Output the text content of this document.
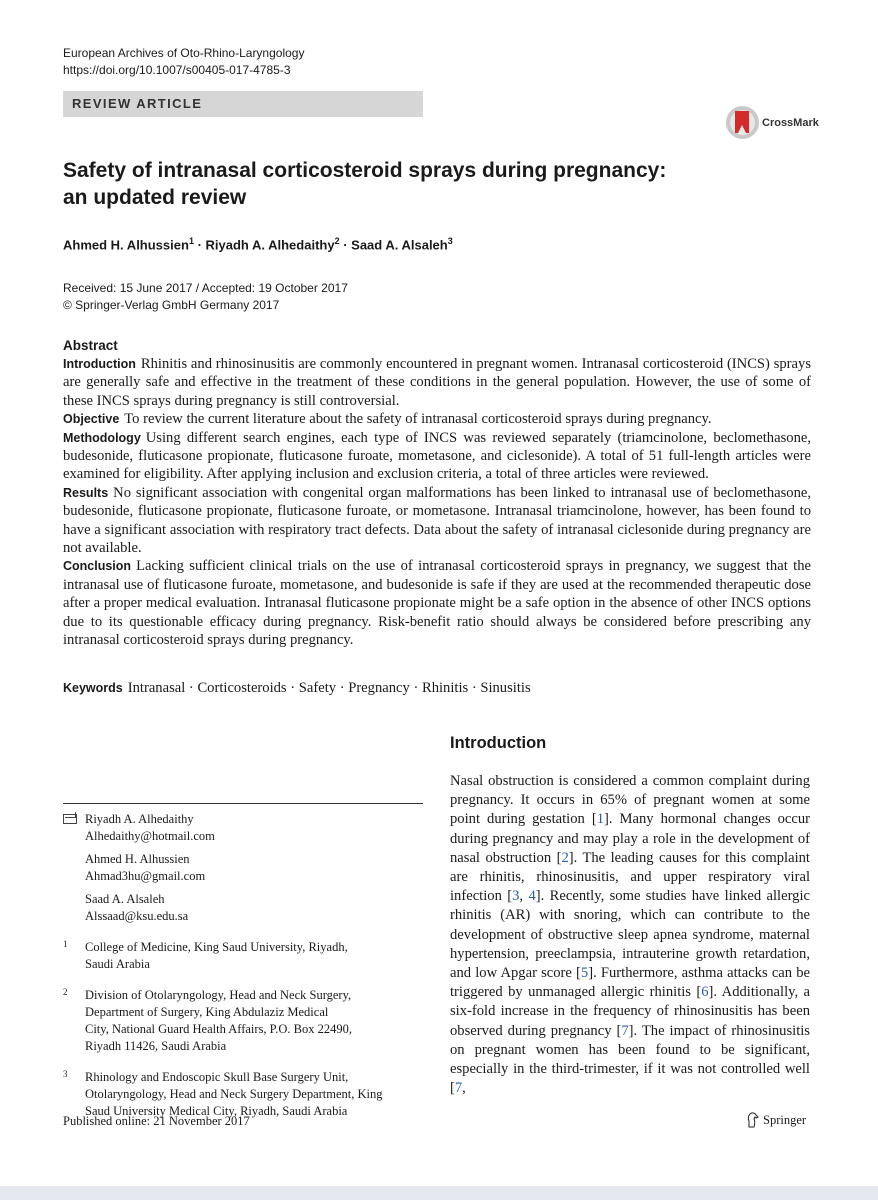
European Archives of Oto-Rhino-Laryngology
https://doi.org/10.1007/s00405-017-4785-3
REVIEW ARTICLE
CrossMark
Safety of intranasal corticosteroid sprays during pregnancy:
an updated review
Ahmed H. Alhussien$^1$ · Riyadh A. Alhedaithy$^2$ · Saad A. Alsaleh$^3$
Received: 15 June 2017 / Accepted: 19 October 2017
© Springer-Verlag GmbH Germany 2017
Abstract

Introduction Rhinitis and rhinosinusitis are commonly encountered in pregnant women. Intranasal corticosteroid (INCS) sprays are generally safe and effective in the treatment of these conditions in the general population. However, the use of some of these INCS sprays during pregnancy is still controversial.

Objective To review the current literature about the safety of intranasal corticosteroid sprays during pregnancy.

Methodology Using different search engines, each type of INCS was reviewed separately (triamcinolone, beclomethasone, budesonide, fluticasone propionate, fluticasone furoate, mometasone, and ciclesonide). A total of 51 full-length articles were examined for eligibility. After applying inclusion and exclusion criteria, a total of three articles were reviewed.

Results No significant association with congenital organ malformations has been linked to intranasal use of beclomethasone, budesonide, fluticasone propionate, fluticasone furoate, or mometasone. Intranasal triamcinolone, however, has been found to have a significant association with respiratory tract defects. Data about the safety of intranasal ciclesonide during pregnancy are not available.

Conclusion Lacking sufficient clinical trials on the use of intranasal corticosteroid sprays in pregnancy, we suggest that the intranasal use of fluticasone furoate, mometasone, and budesonide is safe if they are used at the recommended therapeutic dose after a proper medical evaluation. Intranasal fluticasone propionate might be a safe option in the absence of other INCS options due to its questionable efficacy during pregnancy. Risk-benefit ratio should always be considered before prescribing any intranasal corticosteroid sprays during pregnancy.

Keywords Intranasal · Corticosteroids · Safety · Pregnancy · Rhinitis · Sinusitis
Introduction
Nasal obstruction is considered a common complaint during pregnancy. It occurs in 65% of pregnant women at some point during gestation [1]. Many hormonal changes occur during pregnancy and may play a role in the development of nasal obstruction [2]. The leading causes for this complaint are rhinitis, rhinosinusitis, and upper respiratory viral infection [3, 4]. Recently, some studies have linked allergic rhinitis (AR) with snoring, which can contribute to the development of obstructive sleep apnea syndrome, maternal hypertension, preeclampsia, intrauterine growth retardation, and low Apgar score [5]. Furthermore, asthma attacks can be triggered by unmanaged allergic rhinitis [6]. Additionally, a six-fold increase in the frequency of rhinosinusitis has been observed during pregnancy [7]. The impact of rhinosinusitis on pregnant women has been found to be significant, especially in the third-trimester, if it was not controlled well [7,
Riyadh A. Alhedaithy
Alhedaithy@hotmail.com
Ahmed H. Alhussien
Ahmad3hu@gmail.com
Saad A. Alsaleh
Alssaad@ksu.edu.sa
1 College of Medicine, King Saud University, Riyadh,

Saudi Arabia

2 Division of Otolaryngology, Head and Neck Surgery,

Department of Surgery, King Abdulaziz Medical

City, National Guard Health Affairs, P.O. Box 22490,

Riyadh 11426, Saudi Arabia

3 Rhinology and Endoscopic Skull Base Surgery Unit,

Otolaryngology, Head and Neck Surgery Department, King

Saud University Medical City, Riyadh, Saudi Arabia

Published online: 21 November 2017	Springer
